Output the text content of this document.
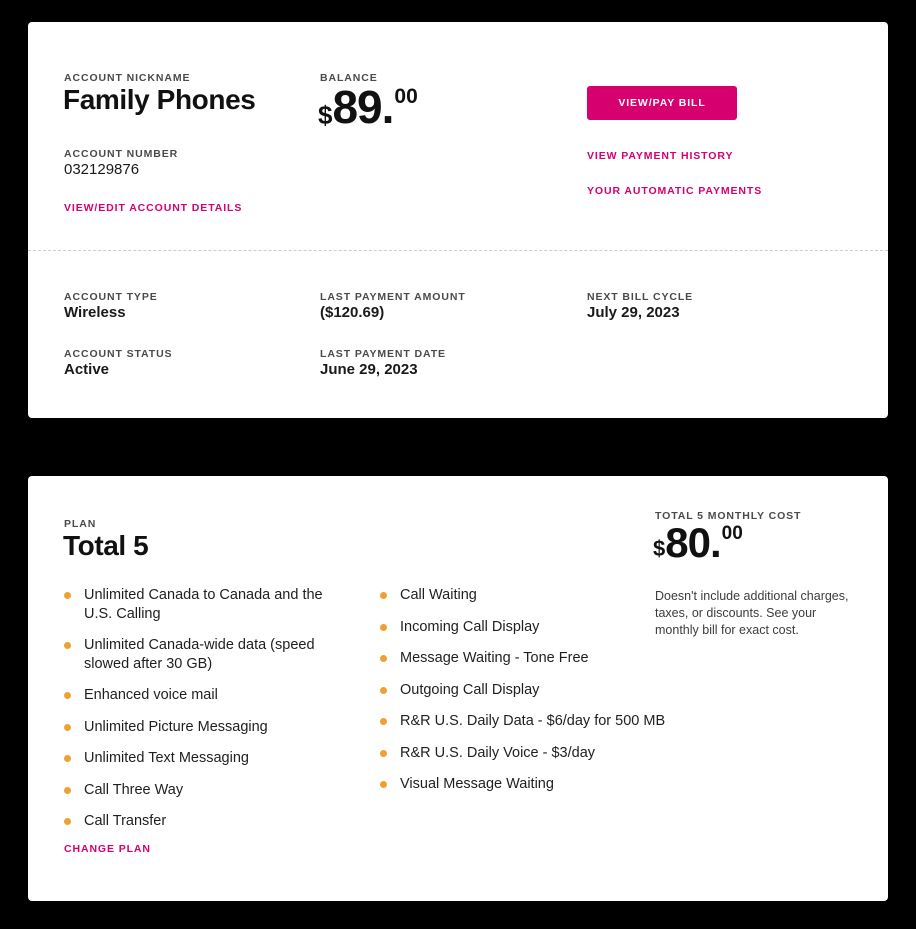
ACCOUNT NICKNAME
Family Phones
ACCOUNT NUMBER
032129876
VIEW/EDIT ACCOUNT DETAILS
BALANCE
$ 89 . 00	VIEW/PAY BILL
VIEW PAYMENT HISTORY
YOUR AUTOMATIC PAYMENTS
ACCOUNT TYPE
Wireless
ACCOUNT STATUS
Active
LAST PAYMENT AMOUNT
($120.69)
LAST PAYMENT DATE
June 29, 2023
NEXT BILL CYCLE
July 29, 2023
PLAN
Total 5
Unlimited Canada to Canada and the U.S. Calling
Unlimited Canada-wide data (speed slowed after 30 GB)
Enhanced voice mail
Unlimited Picture Messaging
Unlimited Text Messaging
Call Three Way
Call Transfer
Call Waiting
Incoming Call Display
Message Waiting - Tone Free
Outgoing Call Display
R&R U.S. Daily Data - $6/day for 500 MB
R&R U.S. Daily Voice - $3/day
Visual Message Waiting
CHANGE PLAN
TOTAL 5 MONTHLY COST
$ 80 . 00
Doesn't include additional charges, taxes, or discounts. See your monthly bill for exact cost.
